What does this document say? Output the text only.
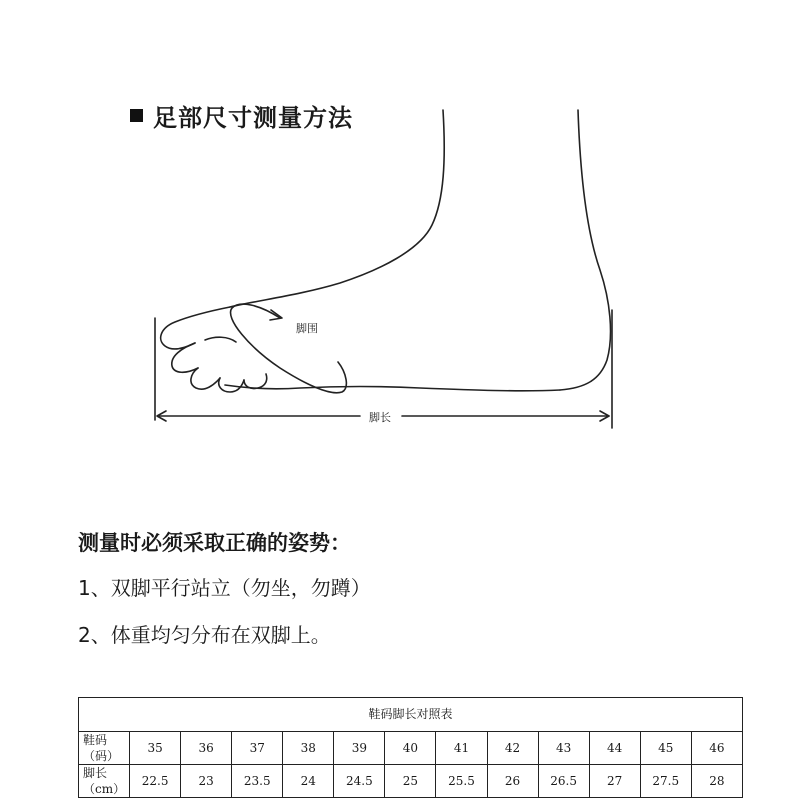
足部尺寸测量方法
脚围
脚长
测量时必须采取正确的姿势：
1、双脚平行站立（勿坐，勿蹲）
2、体重均匀分布在双脚上。
鞋码脚长对照表												
鞋码（码）	35	36	37	38	39	40	41	42	43	44	45	46
脚长（cm）	22.5	23	23.5	24	24.5	25	25.5	26	26.5	27	27.5	28
